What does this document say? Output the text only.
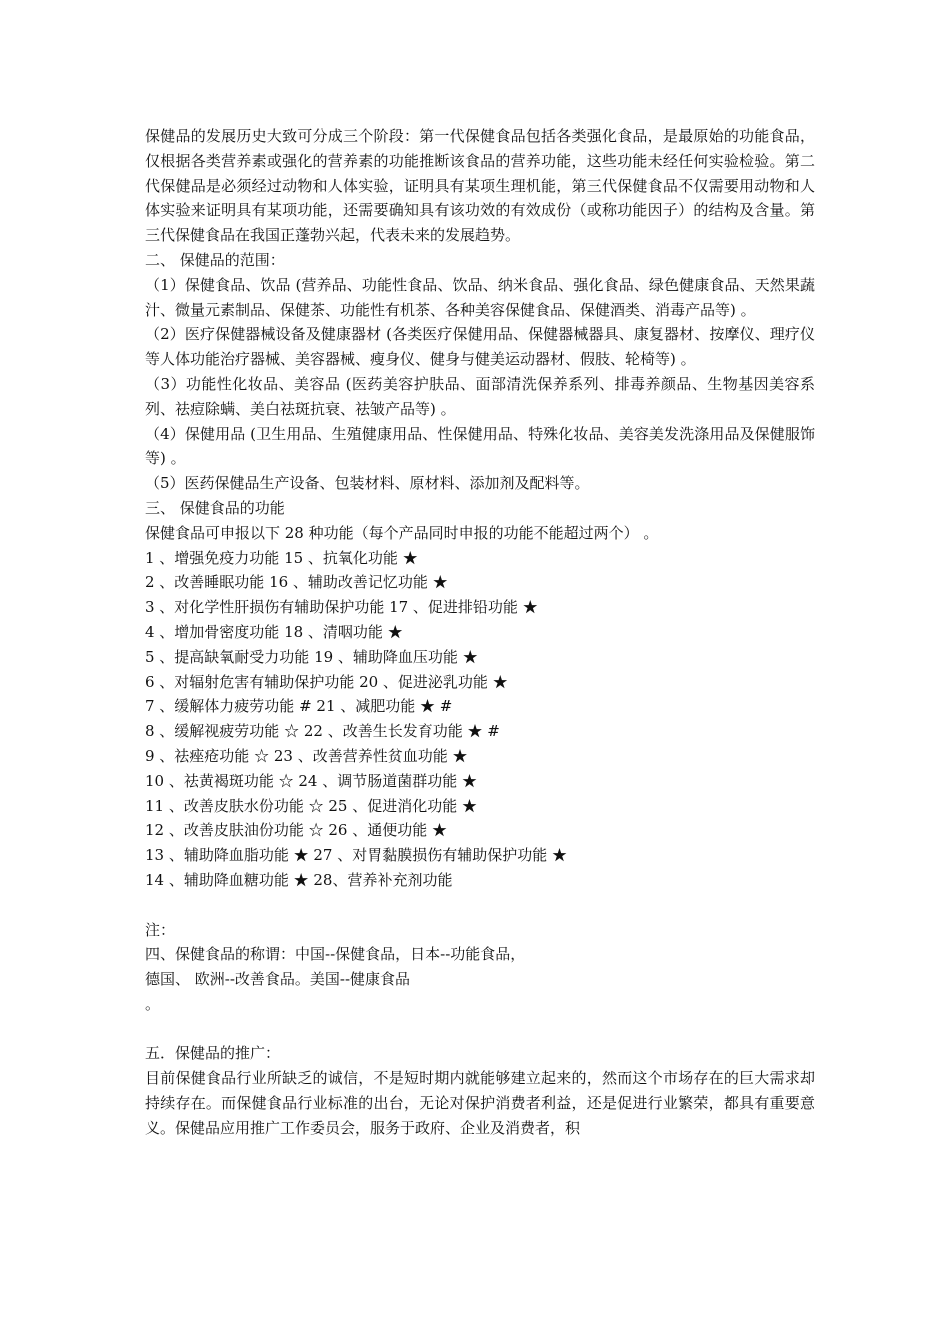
保健品的发展历史大致可分成三个阶段：第一代保健食品包括各类强化食品，是最原始的功能食品，仅根据各类营养素或强化的营养素的功能推断该食品的营养功能，这些功能未经任何实验检验。第二代保健品是必须经过动物和人体实验，证明具有某项生理机能，第三代保健食品不仅需要用动物和人体实验来证明具有某项功能，还需要确知具有该功效的有效成份（或称功能因子）的结构及含量。第三代保健食品在我国正蓬勃兴起，代表未来的发展趋势。

二、 保健品的范围：

（1）保健食品、饮品 (营养品、功能性食品、饮品、纳米食品、强化食品、绿色健康食品、天然果蔬汁、微量元素制品、保健茶、功能性有机茶、各种美容保健食品、保健酒类、消毒产品等) 。

（2）医疗保健器械设备及健康器材 (各类医疗保健用品、保健器械器具、康复器材、按摩仪、理疗仪等人体功能治疗器械、美容器械、瘦身仪、健身与健美运动器材、假肢、轮椅等) 。

（3）功能性化妆品、美容品 (医药美容护肤品、面部清洗保养系列、排毒养颜品、生物基因美容系列、祛痘除螨、美白祛斑抗衰、祛皱产品等) 。

（4）保健用品 (卫生用品、生殖健康用品、性保健用品、特殊化妆品、美容美发洗涤用品及保健服饰等) 。

（5）医药保健品生产设备、包装材料、原材料、添加剂及配料等。

三、 保健食品的功能

保健食品可申报以下 28 种功能（每个产品同时申报的功能不能超过两个） 。

1 、增强免疫力功能 15 、抗氧化功能 ★
2 、改善睡眠功能 16 、辅助改善记忆功能 ★
3 、对化学性肝损伤有辅助保护功能 17 、促进排铅功能 ★
4 、增加骨密度功能 18 、清咽功能 ★
5 、提高缺氧耐受力功能 19 、辅助降血压功能 ★
6 、对辐射危害有辅助保护功能 20 、促进泌乳功能 ★
7 、缓解体力疲劳功能 # 21 、减肥功能 ★ #
8 、缓解视疲劳功能 ☆ 22 、改善生长发育功能 ★ #
9 、祛痤疮功能 ☆ 23 、改善营养性贫血功能 ★
10 、祛黄褐斑功能 ☆ 24 、调节肠道菌群功能 ★
11 、改善皮肤水份功能 ☆ 25 、促进消化功能 ★
12 、改善皮肤油份功能 ☆ 26 、通便功能 ★
13 、辅助降血脂功能 ★ 27 、对胃黏膜损伤有辅助保护功能 ★
14 、辅助降血糖功能 ★ 28、营养补充剂功能

注：

四、保健食品的称谓：中国--保健食品，日本--功能食品，

德国、 欧洲--改善食品。美国--健康食品

。

五．保健品的推广：

目前保健食品行业所缺乏的诚信，不是短时期内就能够建立起来的，然而这个市场存在的巨大需求却持续存在。而保健食品行业标准的出台，无论对保护消费者利益，还是促进行业繁荣，都具有重要意义。保健品应用推广工作委员会，服务于政府、企业及消费者，积
